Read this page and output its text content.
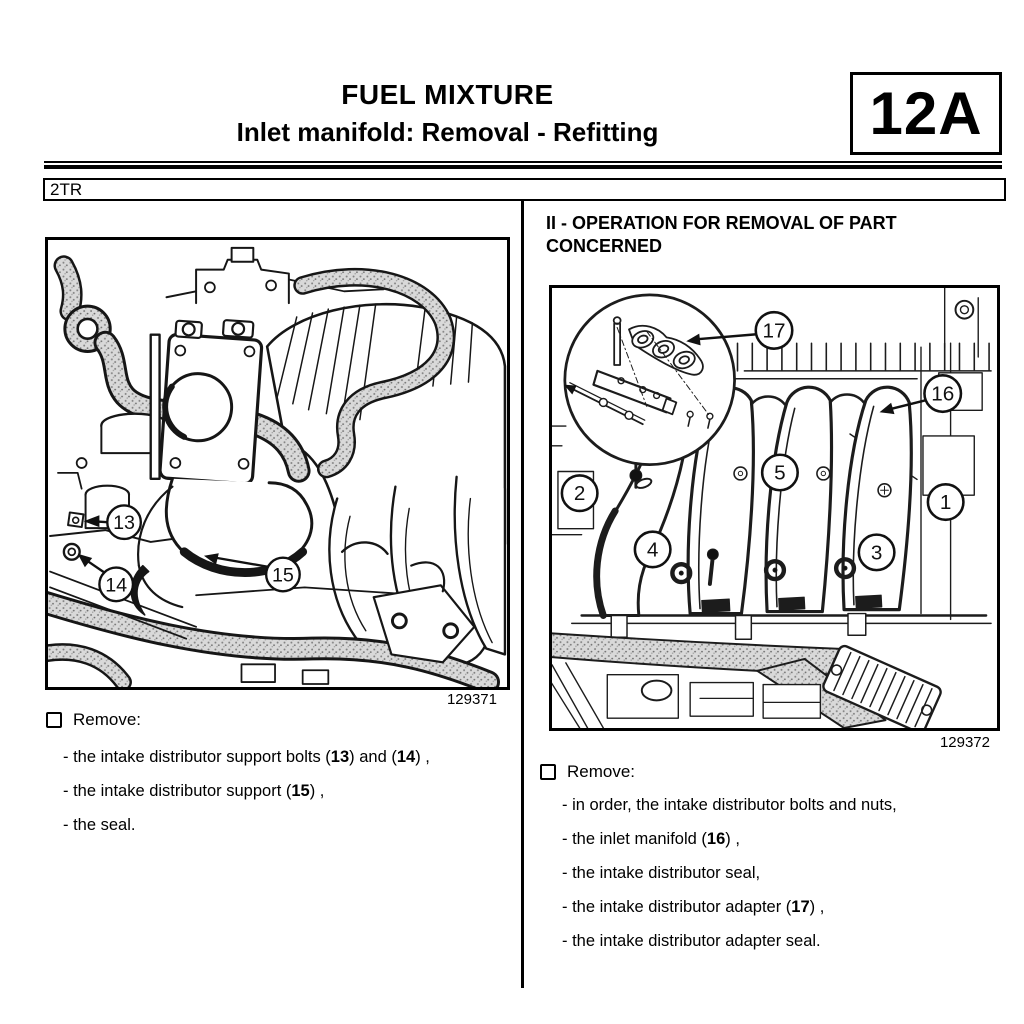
FUEL MIXTURE
Inlet manifold: Removal - Refitting	12A
2TR
13
14	15
129371
Remove:

- the intake distributor support bolts (13) and (14) ,

- the intake distributor support (15) ,

- the seal.

II - OPERATION FOR REMOVAL OF PART CONCERNED
17
16
2
5
1
4	3
129372
Remove:

- in order, the intake distributor bolts and nuts,

- the inlet manifold (16) ,

- the intake distributor seal,

- the intake distributor adapter (17) ,

- the intake distributor adapter seal.
